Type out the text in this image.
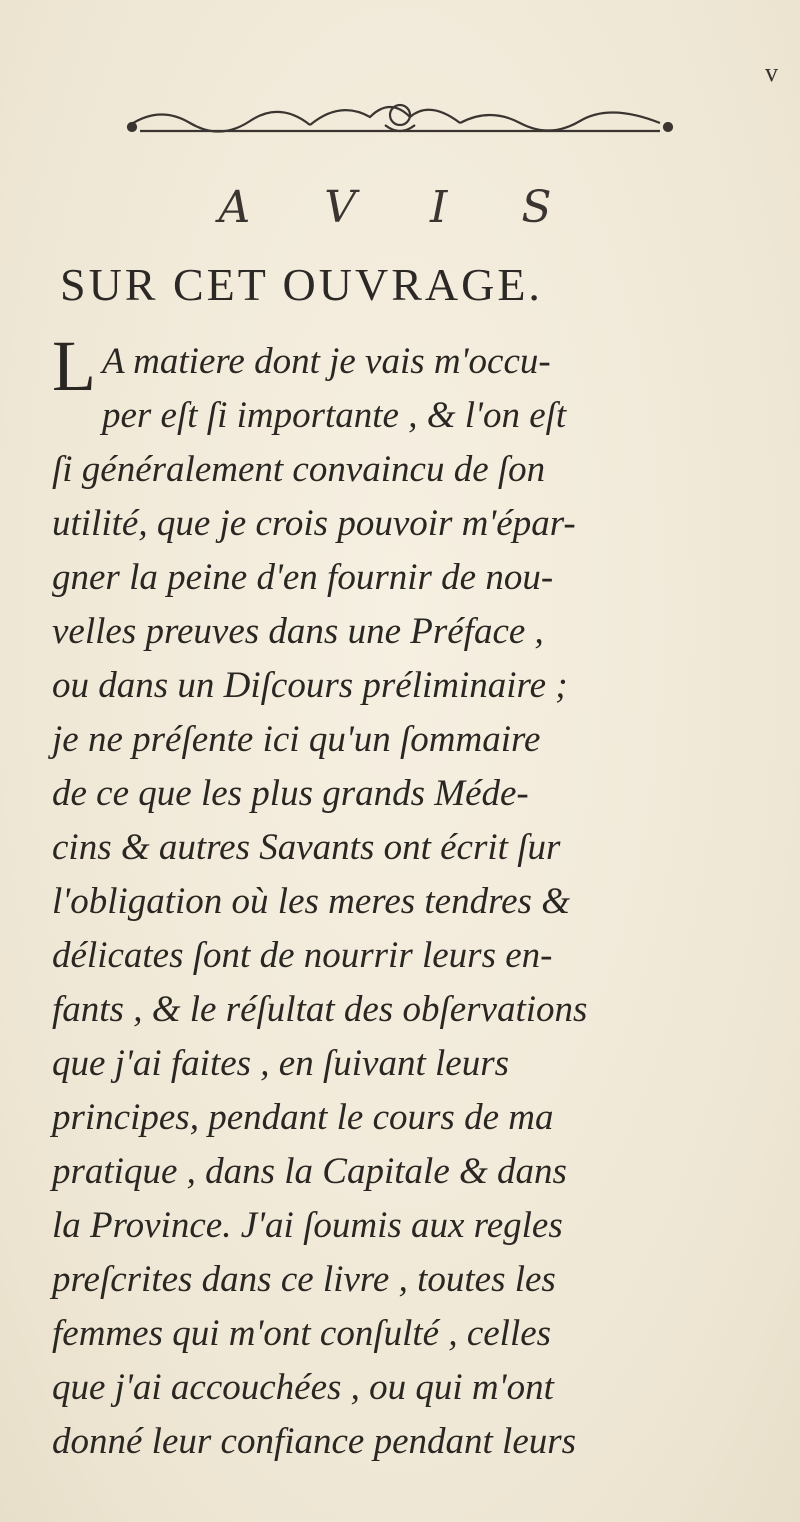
v
A V I S
SUR CET OUVRAGE.
L A matiere dont je vais m'occu-
per eſt ſi importante , & l'on eſt
ſi généralement convaincu de ſon
utilité, que je crois pouvoir m'épar-
gner la peine d'en fournir de nou-
velles preuves dans une Préface ,
ou dans un Diſcours préliminaire ;
je ne préſente ici qu'un ſommaire
de ce que les plus grands Méde-
cins & autres Savants ont écrit ſur
l'obligation où les meres tendres &
délicates ſont de nourrir leurs en-
fants , & le réſultat des obſervations
que j'ai faites , en ſuivant leurs
principes, pendant le cours de ma
pratique , dans la Capitale & dans
la Province. J'ai ſoumis aux regles
preſcrites dans ce livre , toutes les
femmes qui m'ont conſulté , celles
que j'ai accouchées , ou qui m'ont
donné leur confiance pendant leurs
